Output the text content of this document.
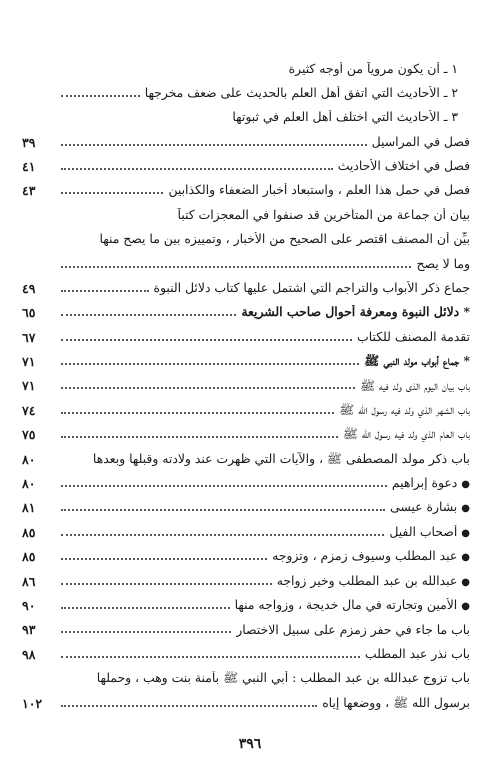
١ ـ أن يكون مروياً من أوجه كثيرة
٢ ـ الأحاديث التي اتفق أهل العلم بالحديث على ضعف مخرجها
٣ ـ الأحاديث التي اختلف أهل العلم في ثبوتها
فصل في المراسيل
٣٩
فصل في اختلاف الأحاديث
٤١
فصل في حمل هذا العلم ، واستبعاد أخبار الضعفاء والكذابين
٤٣
بيان أن جماعة من المتأخرين قد صنفوا في المعجزات كتباً
بيِّن أن المصنف اقتصر على الصحيح من الأخبار ، وتمييزه بين ما يصح منها
وما لا يصح
جماع ذكر الأبواب والتراجم التي اشتمل عليها كتاب دلائل النبوة
٤٩
* دلائل النبوة ومعرفة أحوال صاحب الشريعة
٦٥
تقدمة المصنف للكتاب
٦٧
* جماع أبواب مولد النبي ﷺ
٧١
باب بيان اليوم الذي ولد فيه ﷺ
٧١
باب الشهر الذي ولد فيه رسول الله ﷺ
٧٤
باب العام الذي ولد فيه رسول الله ﷺ
٧٥
باب ذكر مولد المصطفى ﷺ ، والآيات التي ظهرت عند ولادته وقبلها وبعدها
٨٠
●دعوة إبراهيم
٨٠
●بشارة عيسى
٨١
●أصحاب الفيل
٨٥
●عبد المطلب وسيوف زمزم ، وتزوجه
٨٥
●عبدالله بن عبد المطلب وخير زواجه
٨٦
●الأمين وتجارته في مال خديجة ، وزواجه منها
٩٠
باب ما جاء في حفر زمزم على سبيل الاختصار
٩٣
باب نذر عبد المطلب
٩٨
باب تزوج عبدالله بن عبد المطلب : أبي النبي ﷺ بآمنة بنت وهب ، وحملها
برسول الله ﷺ ، ووضعها إياه
١٠٢
٣٩٦
